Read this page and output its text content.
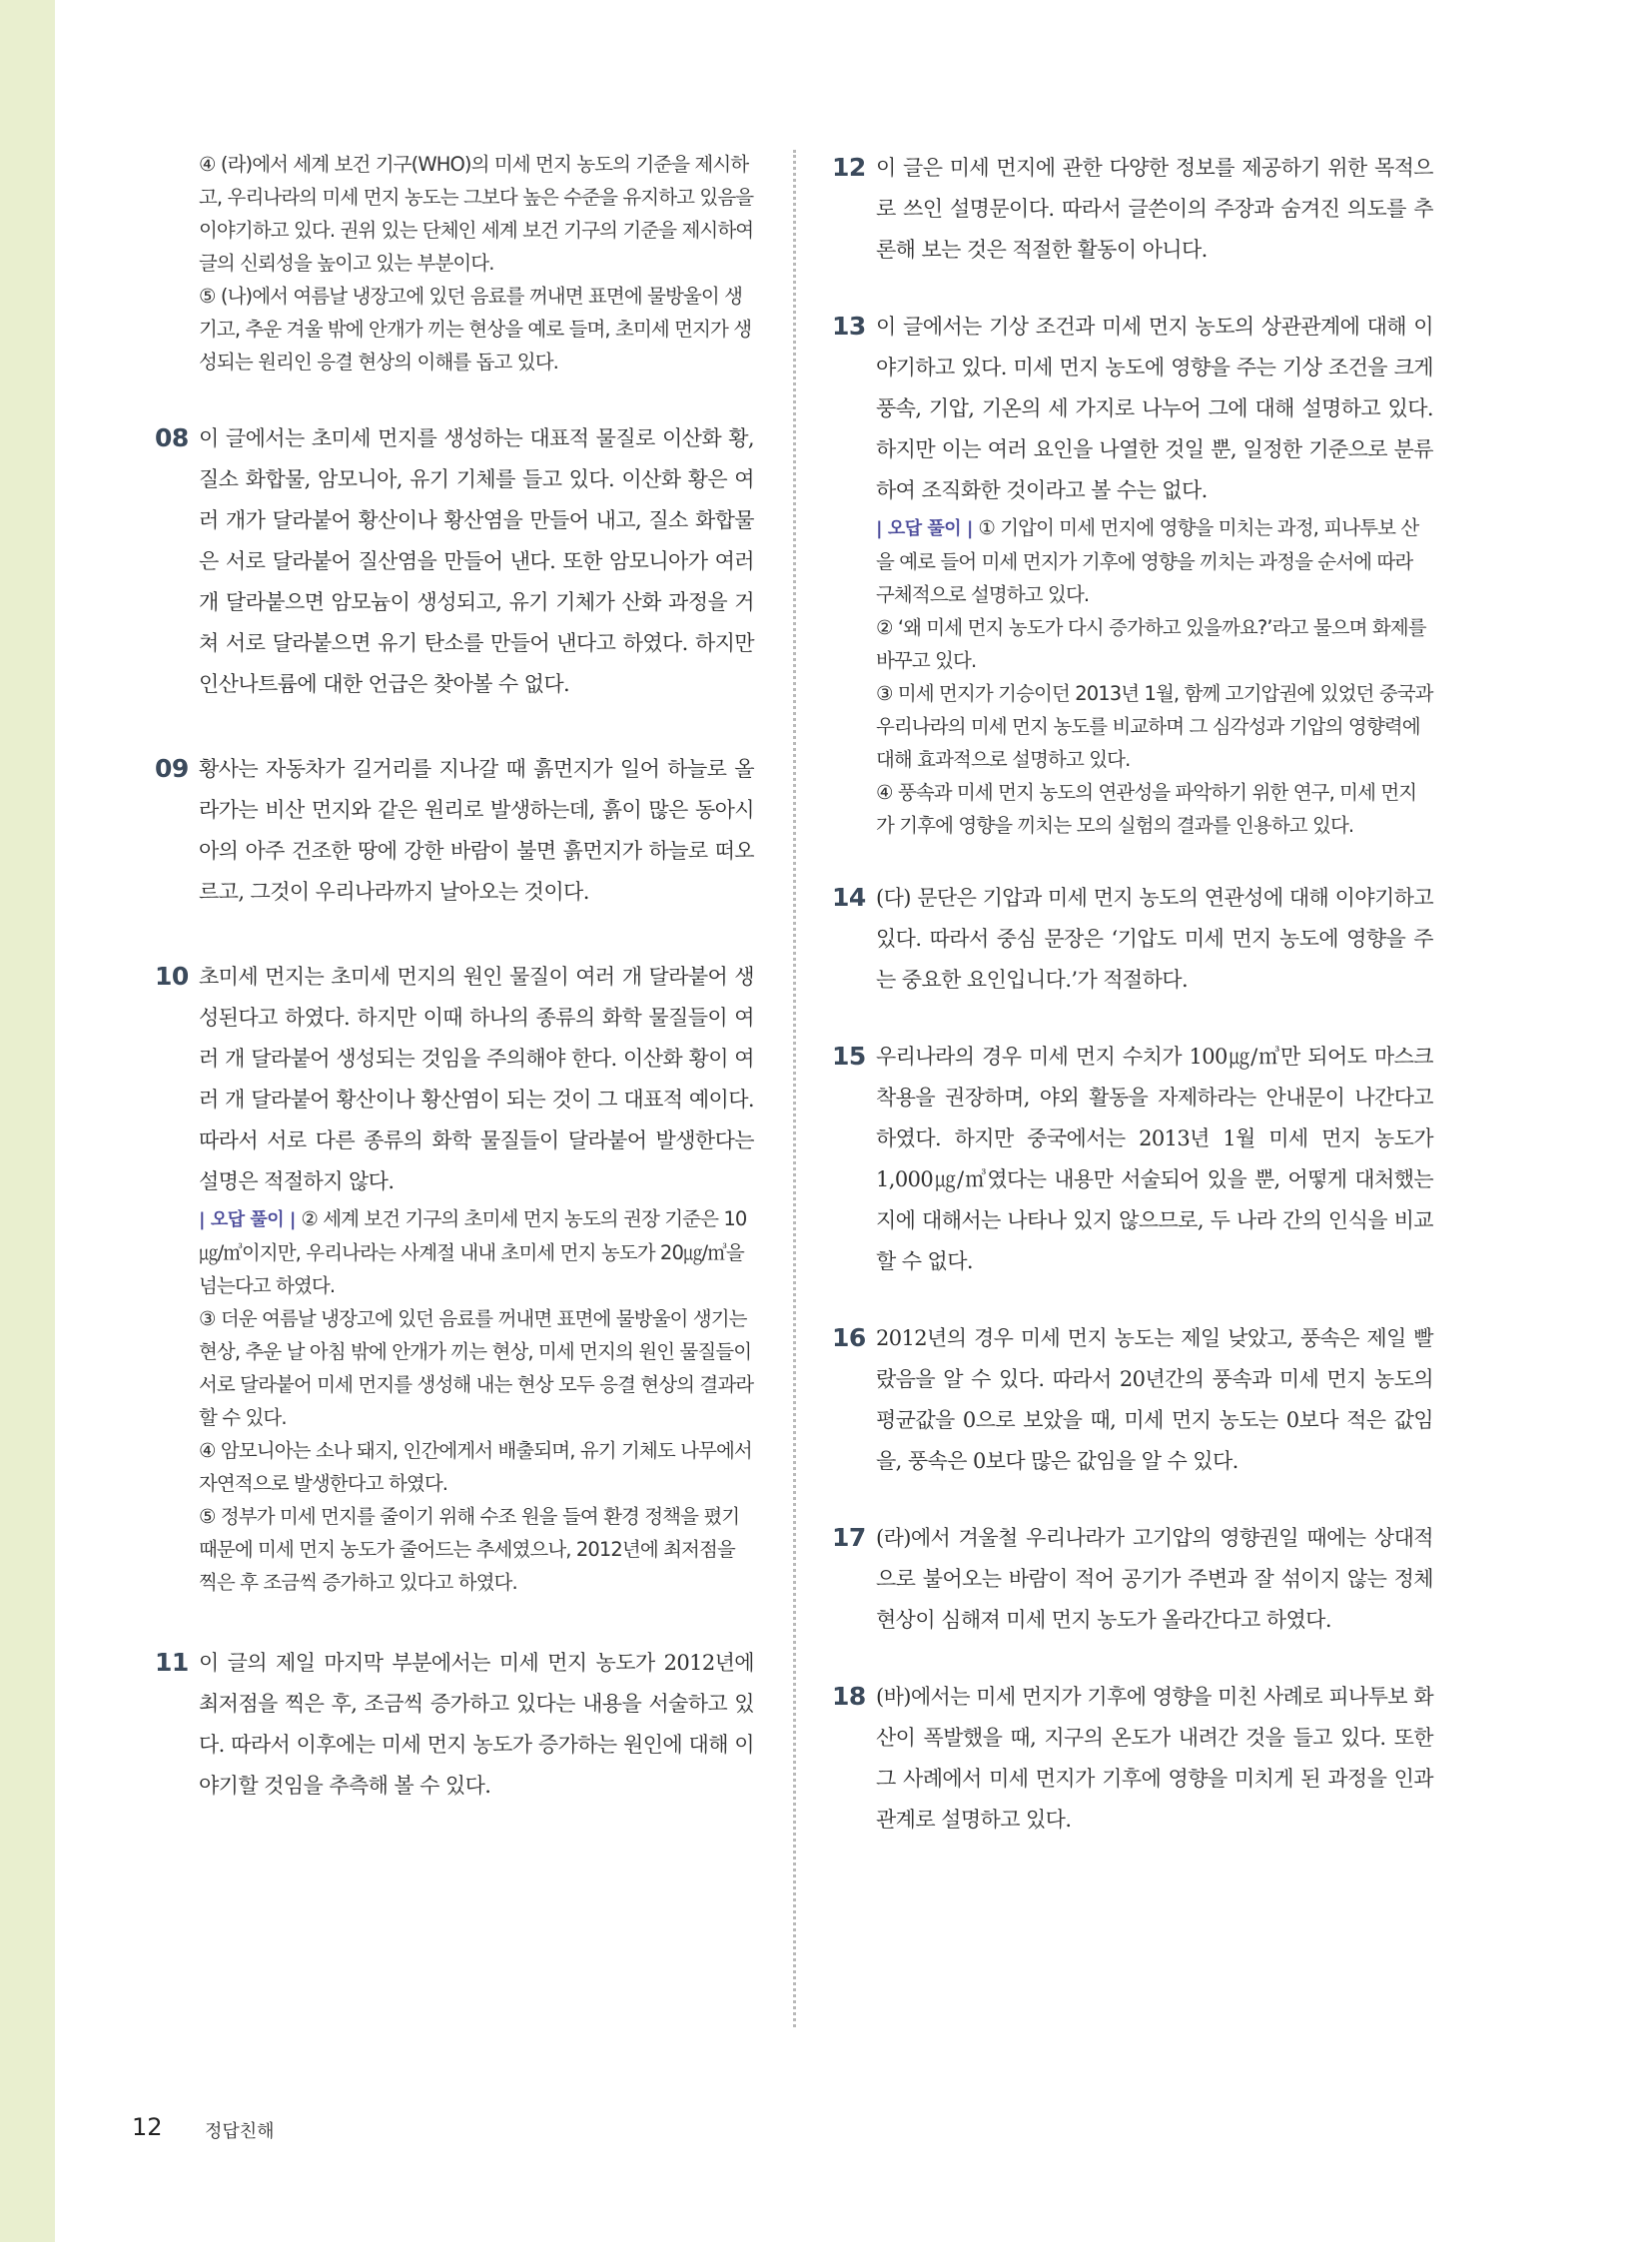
④ (라)에서 세계 보건 기구(WHO)의 미세 먼지 농도의 기준을 제시하고, 우리나라의 미세 먼지 농도는 그보다 높은 수준을 유지하고 있음을 이야기하고 있다. 권위 있는 단체인 세계 보건 기구의 기준을 제시하여 글의 신뢰성을 높이고 있는 부분이다.

⑤ (나)에서 여름날 냉장고에 있던 음료를 꺼내면 표면에 물방울이 생기고, 추운 겨울 밖에 안개가 끼는 현상을 예로 들며, 초미세 먼지가 생성되는 원리인 응결 현상의 이해를 돕고 있다.

08 이 글에서는 초미세 먼지를 생성하는 대표적 물질로 이산화 황, 질소 화합물, 암모니아, 유기 기체를 들고 있다. 이산화 황은 여러 개가 달라붙어 황산이나 황산염을 만들어 내고, 질소 화합물은 서로 달라붙어 질산염을 만들어 낸다. 또한 암모니아가 여러 개 달라붙으면 암모늄이 생성되고, 유기 기체가 산화 과정을 거쳐 서로 달라붙으면 유기 탄소를 만들어 낸다고 하였다. 하지만 인산나트륨에 대한 언급은 찾아볼 수 없다.

09 황사는 자동차가 길거리를 지나갈 때 흙먼지가 일어 하늘로 올라가는 비산 먼지와 같은 원리로 발생하는데, 흙이 많은 동아시아의 아주 건조한 땅에 강한 바람이 불면 흙먼지가 하늘로 떠오르고, 그것이 우리나라까지 날아오는 것이다.

10 초미세 먼지는 초미세 먼지의 원인 물질이 여러 개 달라붙어 생성된다고 하였다. 하지만 이때 하나의 종류의 화학 물질들이 여러 개 달라붙어 생성되는 것임을 주의해야 한다. 이산화 황이 여러 개 달라붙어 황산이나 황산염이 되는 것이 그 대표적 예이다. 따라서 서로 다른 종류의 화학 물질들이 달라붙어 발생한다는 설명은 적절하지 않다.

| 오답 풀이 | ② 세계 보건 기구의 초미세 먼지 농도의 권장 기준은 10㎍/㎥이지만, 우리나라는 사계절 내내 초미세 먼지 농도가 20㎍/㎥을 넘는다고 하였다.

③ 더운 여름날 냉장고에 있던 음료를 꺼내면 표면에 물방울이 생기는 현상, 추운 날 아침 밖에 안개가 끼는 현상, 미세 먼지의 원인 물질들이 서로 달라붙어 미세 먼지를 생성해 내는 현상 모두 응결 현상의 결과라 할 수 있다.

④ 암모니아는 소나 돼지, 인간에게서 배출되며, 유기 기체도 나무에서 자연적으로 발생한다고 하였다.

⑤ 정부가 미세 먼지를 줄이기 위해 수조 원을 들여 환경 정책을 폈기 때문에 미세 먼지 농도가 줄어드는 추세였으나, 2012년에 최저점을 찍은 후 조금씩 증가하고 있다고 하였다.

11 이 글의 제일 마지막 부분에서는 미세 먼지 농도가 2012년에 최저점을 찍은 후, 조금씩 증가하고 있다는 내용을 서술하고 있다. 따라서 이후에는 미세 먼지 농도가 증가하는 원인에 대해 이야기할 것임을 추측해 볼 수 있다.

12 이 글은 미세 먼지에 관한 다양한 정보를 제공하기 위한 목적으로 쓰인 설명문이다. 따라서 글쓴이의 주장과 숨겨진 의도를 추론해 보는 것은 적절한 활동이 아니다.

13 이 글에서는 기상 조건과 미세 먼지 농도의 상관관계에 대해 이야기하고 있다. 미세 먼지 농도에 영향을 주는 기상 조건을 크게 풍속, 기압, 기온의 세 가지로 나누어 그에 대해 설명하고 있다. 하지만 이는 여러 요인을 나열한 것일 뿐, 일정한 기준으로 분류하여 조직화한 것이라고 볼 수는 없다.

| 오답 풀이 | ① 기압이 미세 먼지에 영향을 미치는 과정, 피나투보 산을 예로 들어 미세 먼지가 기후에 영향을 끼치는 과정을 순서에 따라 구체적으로 설명하고 있다.

② ‘왜 미세 먼지 농도가 다시 증가하고 있을까요?’라고 물으며 화제를 바꾸고 있다.

③ 미세 먼지가 기승이던 2013년 1월, 함께 고기압권에 있었던 중국과 우리나라의 미세 먼지 농도를 비교하며 그 심각성과 기압의 영향력에 대해 효과적으로 설명하고 있다.

④ 풍속과 미세 먼지 농도의 연관성을 파악하기 위한 연구, 미세 먼지가 기후에 영향을 끼치는 모의 실험의 결과를 인용하고 있다.

14 (다) 문단은 기압과 미세 먼지 농도의 연관성에 대해 이야기하고 있다. 따라서 중심 문장은 ‘기압도 미세 먼지 농도에 영향을 주는 중요한 요인입니다.’가 적절하다.

15 우리나라의 경우 미세 먼지 수치가 100㎍/㎥만 되어도 마스크 착용을 권장하며, 야외 활동을 자제하라는 안내문이 나간다고 하였다. 하지만 중국에서는 2013년 1월 미세 먼지 농도가 1,000㎍/㎥였다는 내용만 서술되어 있을 뿐, 어떻게 대처했는지에 대해서는 나타나 있지 않으므로, 두 나라 간의 인식을 비교할 수 없다.

16 2012년의 경우 미세 먼지 농도는 제일 낮았고, 풍속은 제일 빨랐음을 알 수 있다. 따라서 20년간의 풍속과 미세 먼지 농도의 평균값을 0으로 보았을 때, 미세 먼지 농도는 0보다 적은 값임을, 풍속은 0보다 많은 값임을 알 수 있다.

17 (라)에서 겨울철 우리나라가 고기압의 영향권일 때에는 상대적으로 불어오는 바람이 적어 공기가 주변과 잘 섞이지 않는 정체 현상이 심해져 미세 먼지 농도가 올라간다고 하였다.

18 (바)에서는 미세 먼지가 기후에 영향을 미친 사례로 피나투보 화산이 폭발했을 때, 지구의 온도가 내려간 것을 들고 있다. 또한 그 사례에서 미세 먼지가 기후에 영향을 미치게 된 과정을 인과 관계로 설명하고 있다.

12 정답친해
